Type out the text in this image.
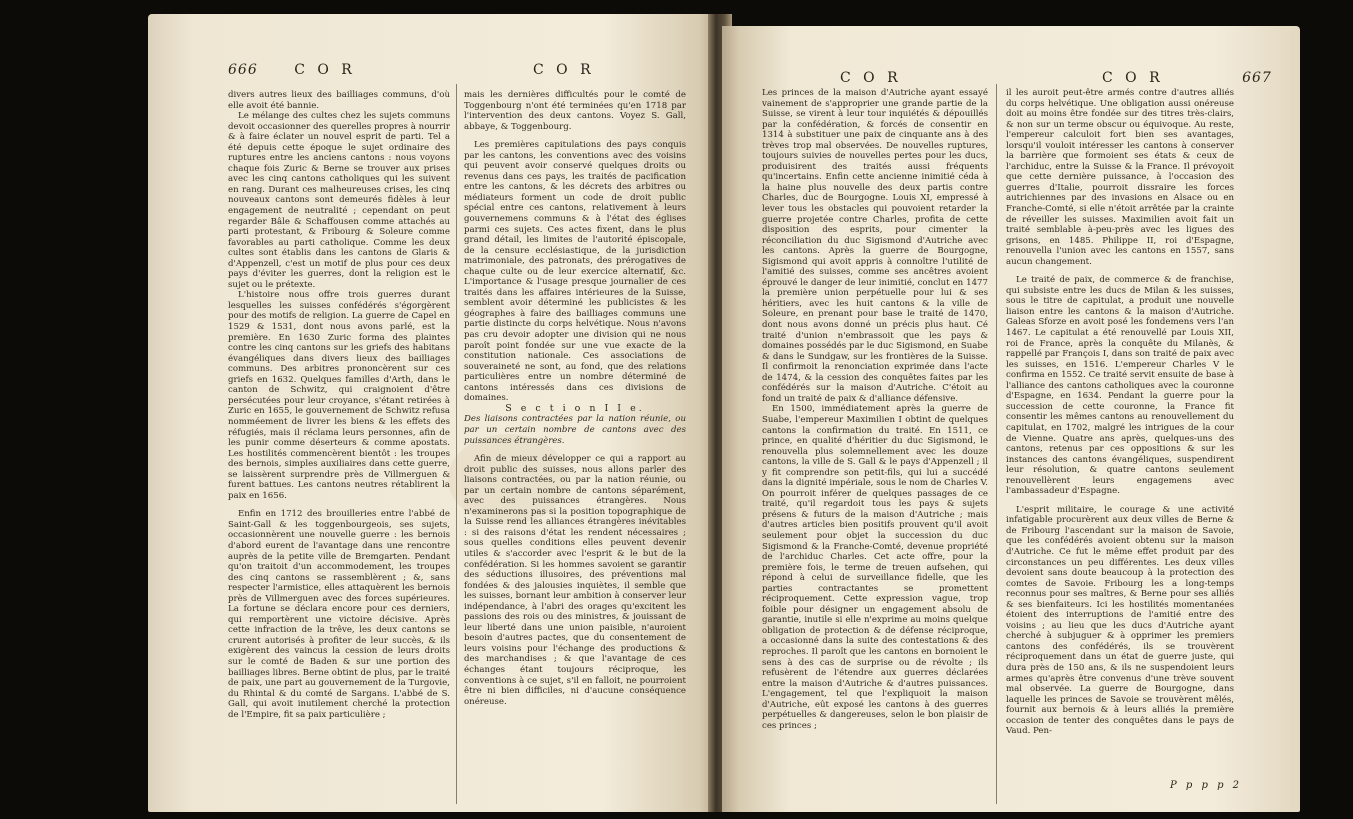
666	C O R	C O R

divers autres lieux des bailliages communs, d'où elle avoit été bannie.

Le mélange des cultes chez les sujets communs devoit occasionner des querelles propres à nourrir & à faire éclater un nouvel esprit de parti. Tel a été depuis cette époque le sujet ordinaire des ruptures entre les anciens cantons : nous voyons chaque fois Zuric & Berne se trouver aux prises avec les cinq cantons catholiques qui les suivent en rang. Durant ces malheureuses crises, les cinq nouveaux cantons sont demeurés fidèles à leur engagement de neutralité ; cependant on peut regarder Bâle & Schaffousen comme attachés au parti protestant, & Fribourg & Soleure comme favorables au parti catholique. Comme les deux cultes sont établis dans les cantons de Glaris & d'Appenzell, c'est un motif de plus pour ces deux pays d'éviter les guerres, dont la religion est le sujet ou le prétexte.

L'histoire nous offre trois guerres durant lesquelles les suisses confédérés s'égorgèrent pour des motifs de religion. La guerre de Capel en 1529 & 1531, dont nous avons parlé, est la première. En 1630 Zuric forma des plaintes contre les cinq cantons sur les griefs des habitans évangéliques dans divers lieux des bailliages communs. Des arbitres prononcèrent sur ces griefs en 1632. Quelques familles d'Arth, dans le canton de Schwitz, qui craignoient d'être persécutées pour leur croyance, s'étant retirées à Zuric en 1655, le gouvernement de Schwitz refusa nomméement de livrer les biens & les effets des réfugiés, mais il réclama leurs personnes, afin de les punir comme déserteurs & comme apostats. Les hostilités commencèrent bientôt : les troupes des bernois, simples auxiliaires dans cette guerre, se laissèrent surprendre près de Villmerguen & furent battues. Les cantons neutres rétablirent la paix en 1656.

Enfin en 1712 des brouilleries entre l'abbé de Saint-Gall & les toggenbourgeois, ses sujets, occasionnèrent une nouvelle guerre : les bernois d'abord eurent de l'avantage dans une rencontre auprès de la petite ville de Bremgarten. Pendant qu'on traitoit d'un accommodement, les troupes des cinq cantons se rassemblèrent ; &, sans respecter l'armistice, elles attaquèrent les bernois près de Villmerguen avec des forces supérieures. La fortune se déclara encore pour ces derniers, qui remportèrent une victoire décisive. Après cette infraction de la trêve, les deux cantons se crurent autorisés à profiter de leur succès, & ils exigèrent des vaincus la cession de leurs droits sur le comté de Baden & sur une portion des bailliages libres. Berne obtint de plus, par le traité de paix, une part au gouvernement de la Turgovie, du Rhintal & du comté de Sargans. L'abbé de S. Gall, qui avoit inutilement cherché la protection de l'Empire, fit sa paix particulière ;

mais les dernières difficultés pour le comté de Toggenbourg n'ont été terminées qu'en 1718 par l'intervention des deux cantons. Voyez S. Gall, abbaye, & Toggenbourg.

Les premières capitulations des pays conquis par les cantons, les conventions avec des voisins qui peuvent avoir conservé quelques droits ou revenus dans ces pays, les traités de pacification entre les cantons, & les décrets des arbitres ou médiateurs forment un code de droit public spécial entre ces cantons, relativement à leurs gouvernemens communs & à l'état des églises parmi ces sujets. Ces actes fixent, dans le plus grand détail, les limites de l'autorité épiscopale, de la censure ecclésiastique, de la jurisdiction matrimoniale, des patronats, des prérogatives de chaque culte ou de leur exercice alternatif, &c. L'importance & l'usage presque journalier de ces traités dans les affaires intérieures de la Suisse, semblent avoir déterminé les publicistes & les géographes à faire des bailliages communs une partie distincte du corps helvétique. Nous n'avons pas cru devoir adopter une division qui ne nous paroît point fondée sur une vue exacte de la constitution nationale. Ces associations de souveraineté ne sont, au fond, que des relations particulières entre un nombre déterminé de cantons intéressés dans ces divisions de domaines.

S e c t i o n I I e.

Des liaisons contractées par la nation réunie, ou par un certain nombre de cantons avec des puissances étrangères.

Afin de mieux développer ce qui a rapport au droit public des suisses, nous allons parler des liaisons contractées, ou par la nation réunie, ou par un certain nombre de cantons séparément, avec des puissances étrangères. Nous n'examinerons pas si la position topographique de la Suisse rend les alliances étrangères inévitables : si des raisons d'état les rendent nécessaires ; sous quelles conditions elles peuvent devenir utiles & s'accorder avec l'esprit & le but de la confédération. Si les hommes savoient se garantir des séductions illusoires, des préventions mal fondées & des jalousies inquiètes, il semble que les suisses, bornant leur ambition à conserver leur indépendance, à l'abri des orages qu'excitent les passions des rois ou des ministres, & jouissant de leur liberté dans une union paisible, n'auroient besoin d'autres pactes, que du consentement de leurs voisins pour l'échange des productions & des marchandises ; & que l'avantage de ces échanges étant toujours réciproque, les conventions à ce sujet, s'il en falloit, ne pourroient être ni bien difficiles, ni d'aucune conséquence onéreuse.

C O R	C O R	667

Les princes de la maison d'Autriche ayant essayé vainement de s'approprier une grande partie de la Suisse, se virent à leur tour inquiétés & dépouillés par la confédération, & forcés de consentir en 1314 à substituer une paix de cinquante ans à des trèves trop mal observées. De nouvelles ruptures, toujours suivies de nouvelles pertes pour les ducs, produisirent des traités aussi fréquents qu'incertains. Enfin cette ancienne inimitié céda à la haine plus nouvelle des deux partis contre Charles, duc de Bourgogne. Louis XI, empressé à lever tous les obstacles qui pouvoient retarder la guerre projetée contre Charles, profita de cette disposition des esprits, pour cimenter la réconciliation du duc Sigismond d'Autriche avec les cantons. Après la guerre de Bourgogne, Sigismond qui avoit appris à connoître l'utilité de l'amitié des suisses, comme ses ancêtres avoient éprouvé le danger de leur inimitié, conclut en 1477 la première union perpétuelle pour lui & ses héritiers, avec les huit cantons & la ville de Soleure, en prenant pour base le traité de 1470, dont nous avons donné un précis plus haut. Cé traité d'union n'embrassoit que les pays & domaines possédés par le duc Sigismond, en Suabe & dans le Sundgaw, sur les frontières de la Suisse. Il confirmoit la renonciation exprimée dans l'acte de 1474, & la cession des conquêtes faites par les confédérés sur la maison d'Autriche. C'étoit au fond un traité de paix & d'alliance défensive.

En 1500, immédiatement après la guerre de Suabe, l'empereur Maximilien I obtint de quelques cantons la confirmation du traité. En 1511, ce prince, en qualité d'héritier du duc Sigismond, le renouvella plus solemnellement avec les douze cantons, la ville de S. Gall & le pays d'Appenzell ; il y fit comprendre son petit-fils, qui lui a succédé dans la dignité impériale, sous le nom de Charles V. On pourroit inférer de quelques passages de ce traité, qu'il regardoit tous les pays & sujets présens & futurs de la maison d'Autriche ; mais d'autres articles bien positifs prouvent qu'il avoit seulement pour objet la succession du duc Sigismond & la Franche-Comté, devenue propriété de l'archiduc Charles. Cet acte offre, pour la première fois, le terme de treuen aufsehen, qui répond à celui de surveillance fidelle, que les parties contractantes se promettent réciproquement. Cette expression vague, trop foible pour désigner un engagement absolu de garantie, inutile si elle n'exprime au moins quelque obligation de protection & de défense réciproque, a occasionné dans la suite des contestations & des reproches. Il paroît que les cantons en bornoient le sens à des cas de surprise ou de révolte ; ils refusèrent de l'étendre aux guerres déclarées entre la maison d'Autriche & d'autres puissances. L'engagement, tel que l'expliquoit la maison d'Autriche, eût exposé les cantons à des guerres perpétuelles & dangereuses, selon le bon plaisir de ces princes ;

il les auroit peut-être armés contre d'autres alliés du corps helvétique. Une obligation aussi onéreuse doit au moins être fondée sur des titres très-clairs, & non sur un terme obscur ou équivoque. Au reste, l'empereur calculoit fort bien ses avantages, lorsqu'il vouloit intéresser les cantons à conserver la barrière que formoient ses états & ceux de l'archiduc, entre la Suisse & la France. Il prévoyoit que cette dernière puissance, à l'occasion des guerres d'Italie, pourroit dissraire les forces autrichiennes par des invasions en Alsace ou en Franche-Comté, si elle n'étoit arrêtée par la crainte de réveiller les suisses. Maximilien avoit fait un traité semblable à-peu-près avec les ligues des grisons, en 1485. Philippe II, roi d'Espagne, renouvella l'union avec les cantons en 1557, sans aucun changement.

Le traité de paix, de commerce & de franchise, qui subsiste entre les ducs de Milan & les suisses, sous le titre de capitulat, a produit une nouvelle liaison entre les cantons & la maison d'Autriche. Galeas Sforze en avoit posé les fondemens vers l'an 1467. Le capitulat a été renouvellé par Louis XII, roi de France, après la conquête du Milanès, & rappellé par François I, dans son traité de paix avec les suisses, en 1516. L'empereur Charles V le confirma en 1552. Ce traité servit ensuite de base à l'alliance des cantons catholiques avec la couronne d'Espagne, en 1634. Pendant la guerre pour la succession de cette couronne, la France fit consentir les mêmes cantons au renouvellement du capitulat, en 1702, malgré les intrigues de la cour de Vienne. Quatre ans après, quelques-uns des cantons, retenus par ces oppositions & sur les instances des cantons évangéliques, suspendirent leur résolution, & quatre cantons seulement renouvellèrent leurs engagemens avec l'ambassadeur d'Espagne.

L'esprit militaire, le courage & une activité infatigable procurèrent aux deux villes de Berne & de Fribourg l'ascendant sur la maison de Savoie, que les confédérés avoient obtenu sur la maison d'Autriche. Ce fut le même effet produit par des circonstances un peu différentes. Les deux villes devoient sans doute beaucoup à la protection des comtes de Savoie. Fribourg les a long-temps reconnus pour ses maîtres, & Berne pour ses alliés & ses bienfaiteurs. Ici les hostilités momentanées étoient des interruptions de l'amitié entre des voisins ; au lieu que les ducs d'Autriche ayant cherché à subjuguer & à opprimer les premiers cantons des confédérés, ils se trouvèrent réciproquement dans un état de guerre juste, qui dura près de 150 ans, & ils ne suspendoient leurs armes qu'après être convenus d'une trève souvent mal observée. La guerre de Bourgogne, dans laquelle les princes de Savoie se trouvèrent mêlés, fournit aux bernois & à leurs alliés la première occasion de tenter des conquêtes dans le pays de Vaud. Pen-

P p p p 2
